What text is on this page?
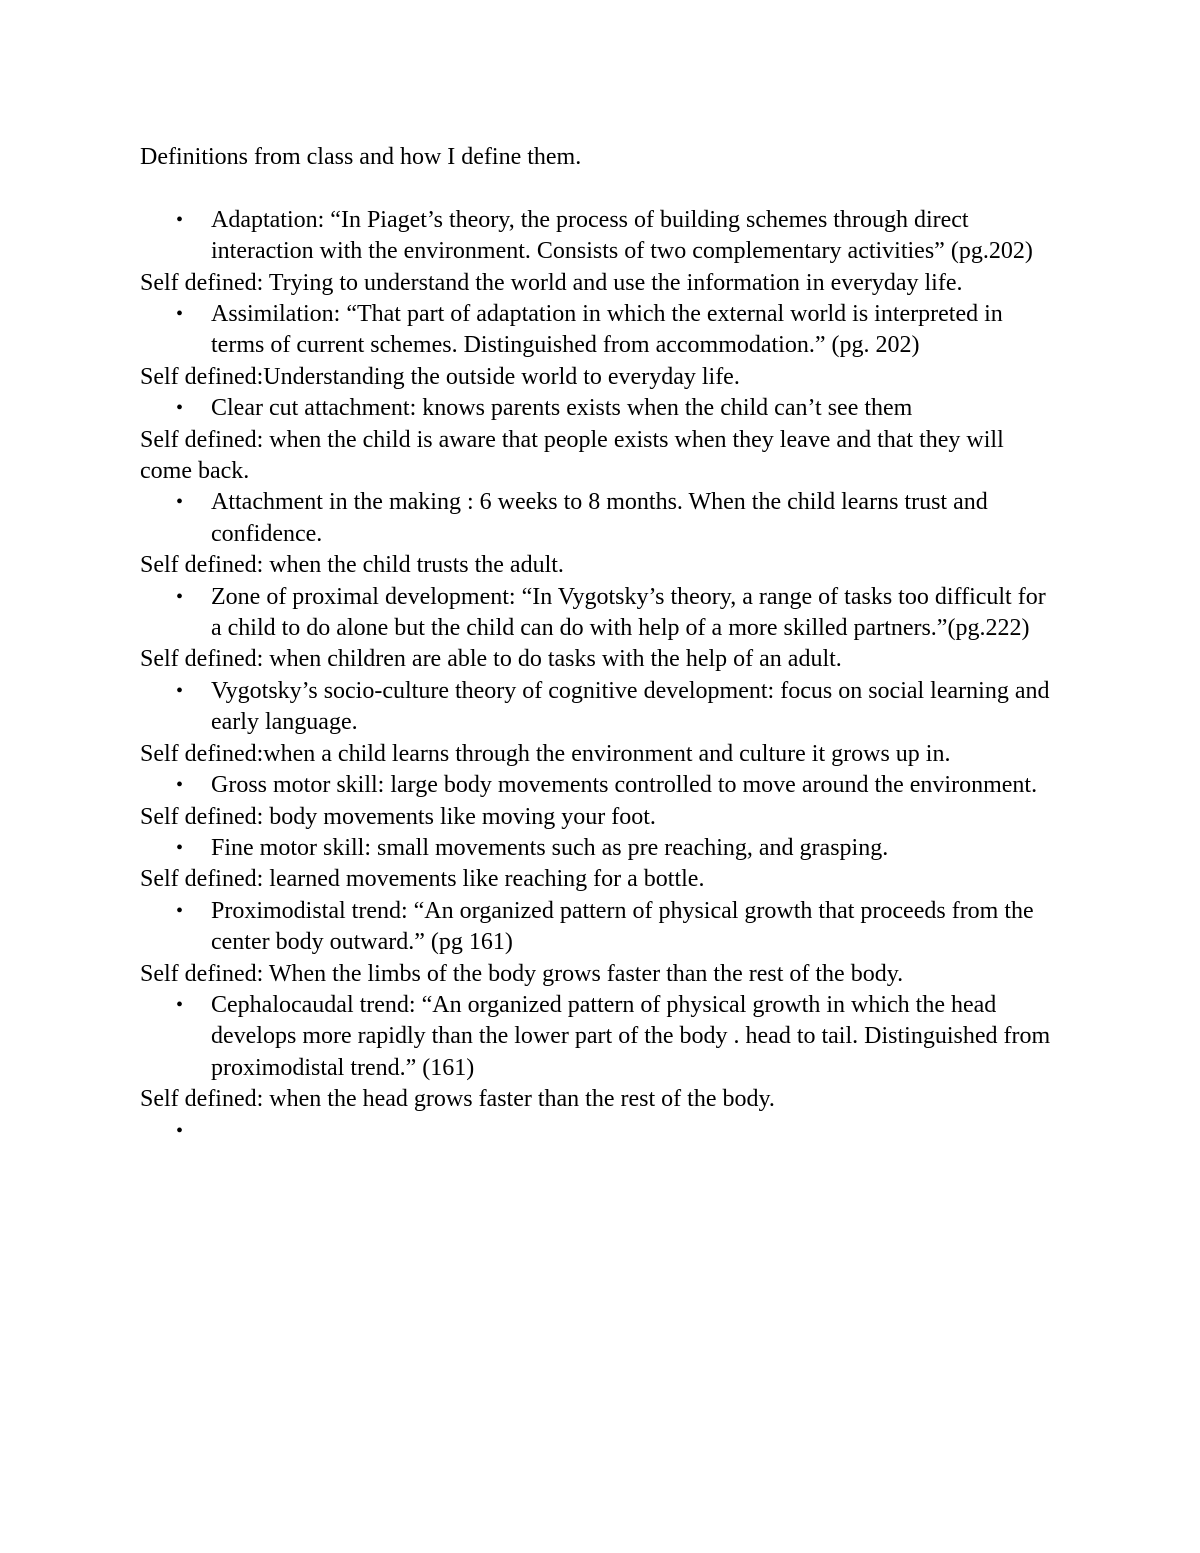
Definitions from class and how I define them.

• Adaptation: “In Piaget’s theory, the process of building schemes through direct interaction with the environment. Consists of two complementary activities” (pg.202)

Self defined: Trying to understand the world and use the information in everyday life.

• Assimilation: “That part of adaptation in which the external world is interpreted in terms of current schemes. Distinguished from accommodation.” (pg. 202)

Self defined:Understanding the outside world to everyday life.

• Clear cut attachment: knows parents exists when the child can’t see them

Self defined: when the child is aware that people exists when they leave and that they will come back.

• Attachment in the making : 6 weeks to 8 months. When the child learns trust and confidence.

Self defined: when the child trusts the adult.

• Zone of proximal development: “In Vygotsky’s theory, a range of tasks too difficult for a child to do alone but the child can do with help of a more skilled partners.”(pg.222)

Self defined: when children are able to do tasks with the help of an adult.

• Vygotsky’s socio-culture theory of cognitive development: focus on social learning and early language.

Self defined:when a child learns through the environment and culture it grows up in.

• Gross motor skill: large body movements controlled to move around the environment.

Self defined: body movements like moving your foot.

• Fine motor skill: small movements such as pre reaching, and grasping.

Self defined: learned movements like reaching for a bottle.

• Proximodistal trend: “An organized pattern of physical growth that proceeds from the center body outward.” (pg 161)

Self defined: When the limbs of the body grows faster than the rest of the body.

• Cephalocaudal trend: “An organized pattern of physical growth in which the head develops more rapidly than the lower part of the body . head to tail. Distinguished from proximodistal trend.” (161)

Self defined: when the head grows faster than the rest of the body.

•
